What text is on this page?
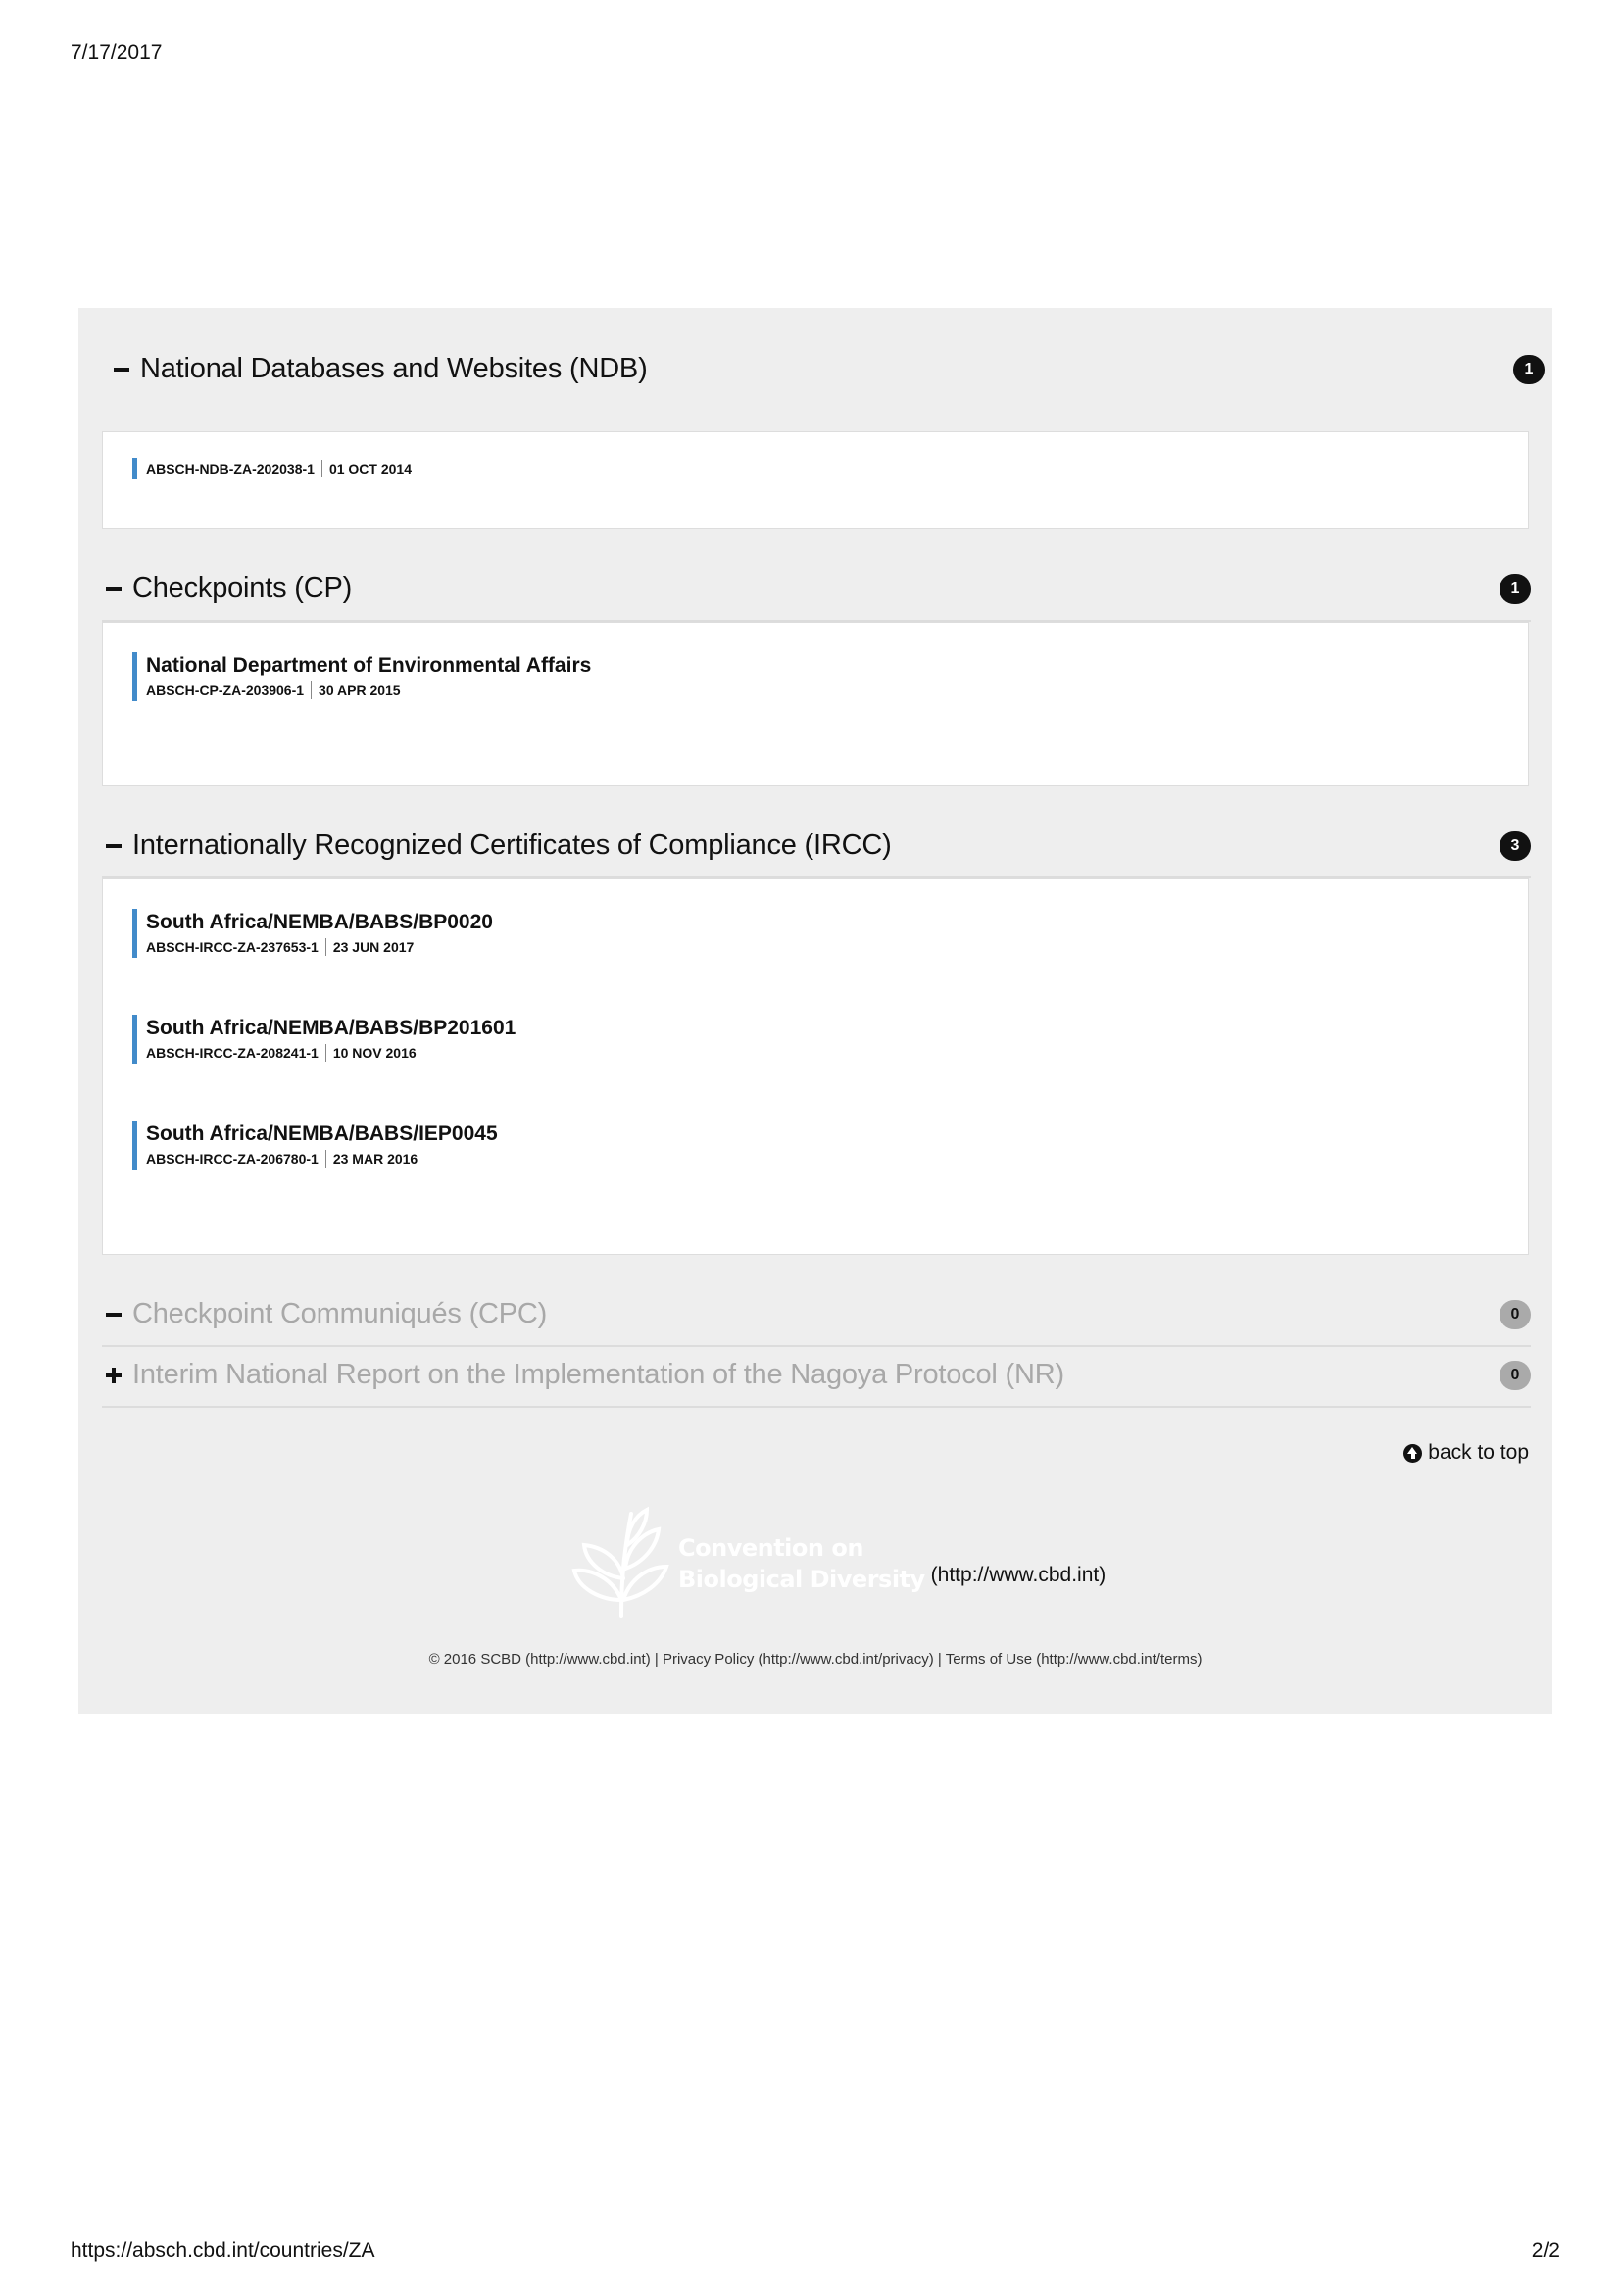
7/17/2017
National Databases and Websites (NDB)	1
ABSCH-NDB-ZA-202038-1 01 OCT 2014
Checkpoints (CP)	1
National Department of Environmental Affairs
ABSCH-CP-ZA-203906-1 30 APR 2015
Internationally Recognized Certificates of Compliance (IRCC)	3
South Africa/NEMBA/BABS/BP0020
ABSCH-IRCC-ZA-237653-1 23 JUN 2017
South Africa/NEMBA/BABS/BP201601
ABSCH-IRCC-ZA-208241-1 10 NOV 2016
South Africa/NEMBA/BABS/IEP0045
ABSCH-IRCC-ZA-206780-1 23 MAR 2016
Checkpoint Communiqués (CPC)	0
Interim National Report on the Implementation of the Nagoya Protocol (NR)	0
back to top
Convention on
Biological Diversity (http://www.cbd.int)
© 2016 SCBD (http://www.cbd.int) | Privacy Policy (http://www.cbd.int/privacy) | Terms of Use (http://www.cbd.int/terms)
https://absch.cbd.int/countries/ZA	2/2
